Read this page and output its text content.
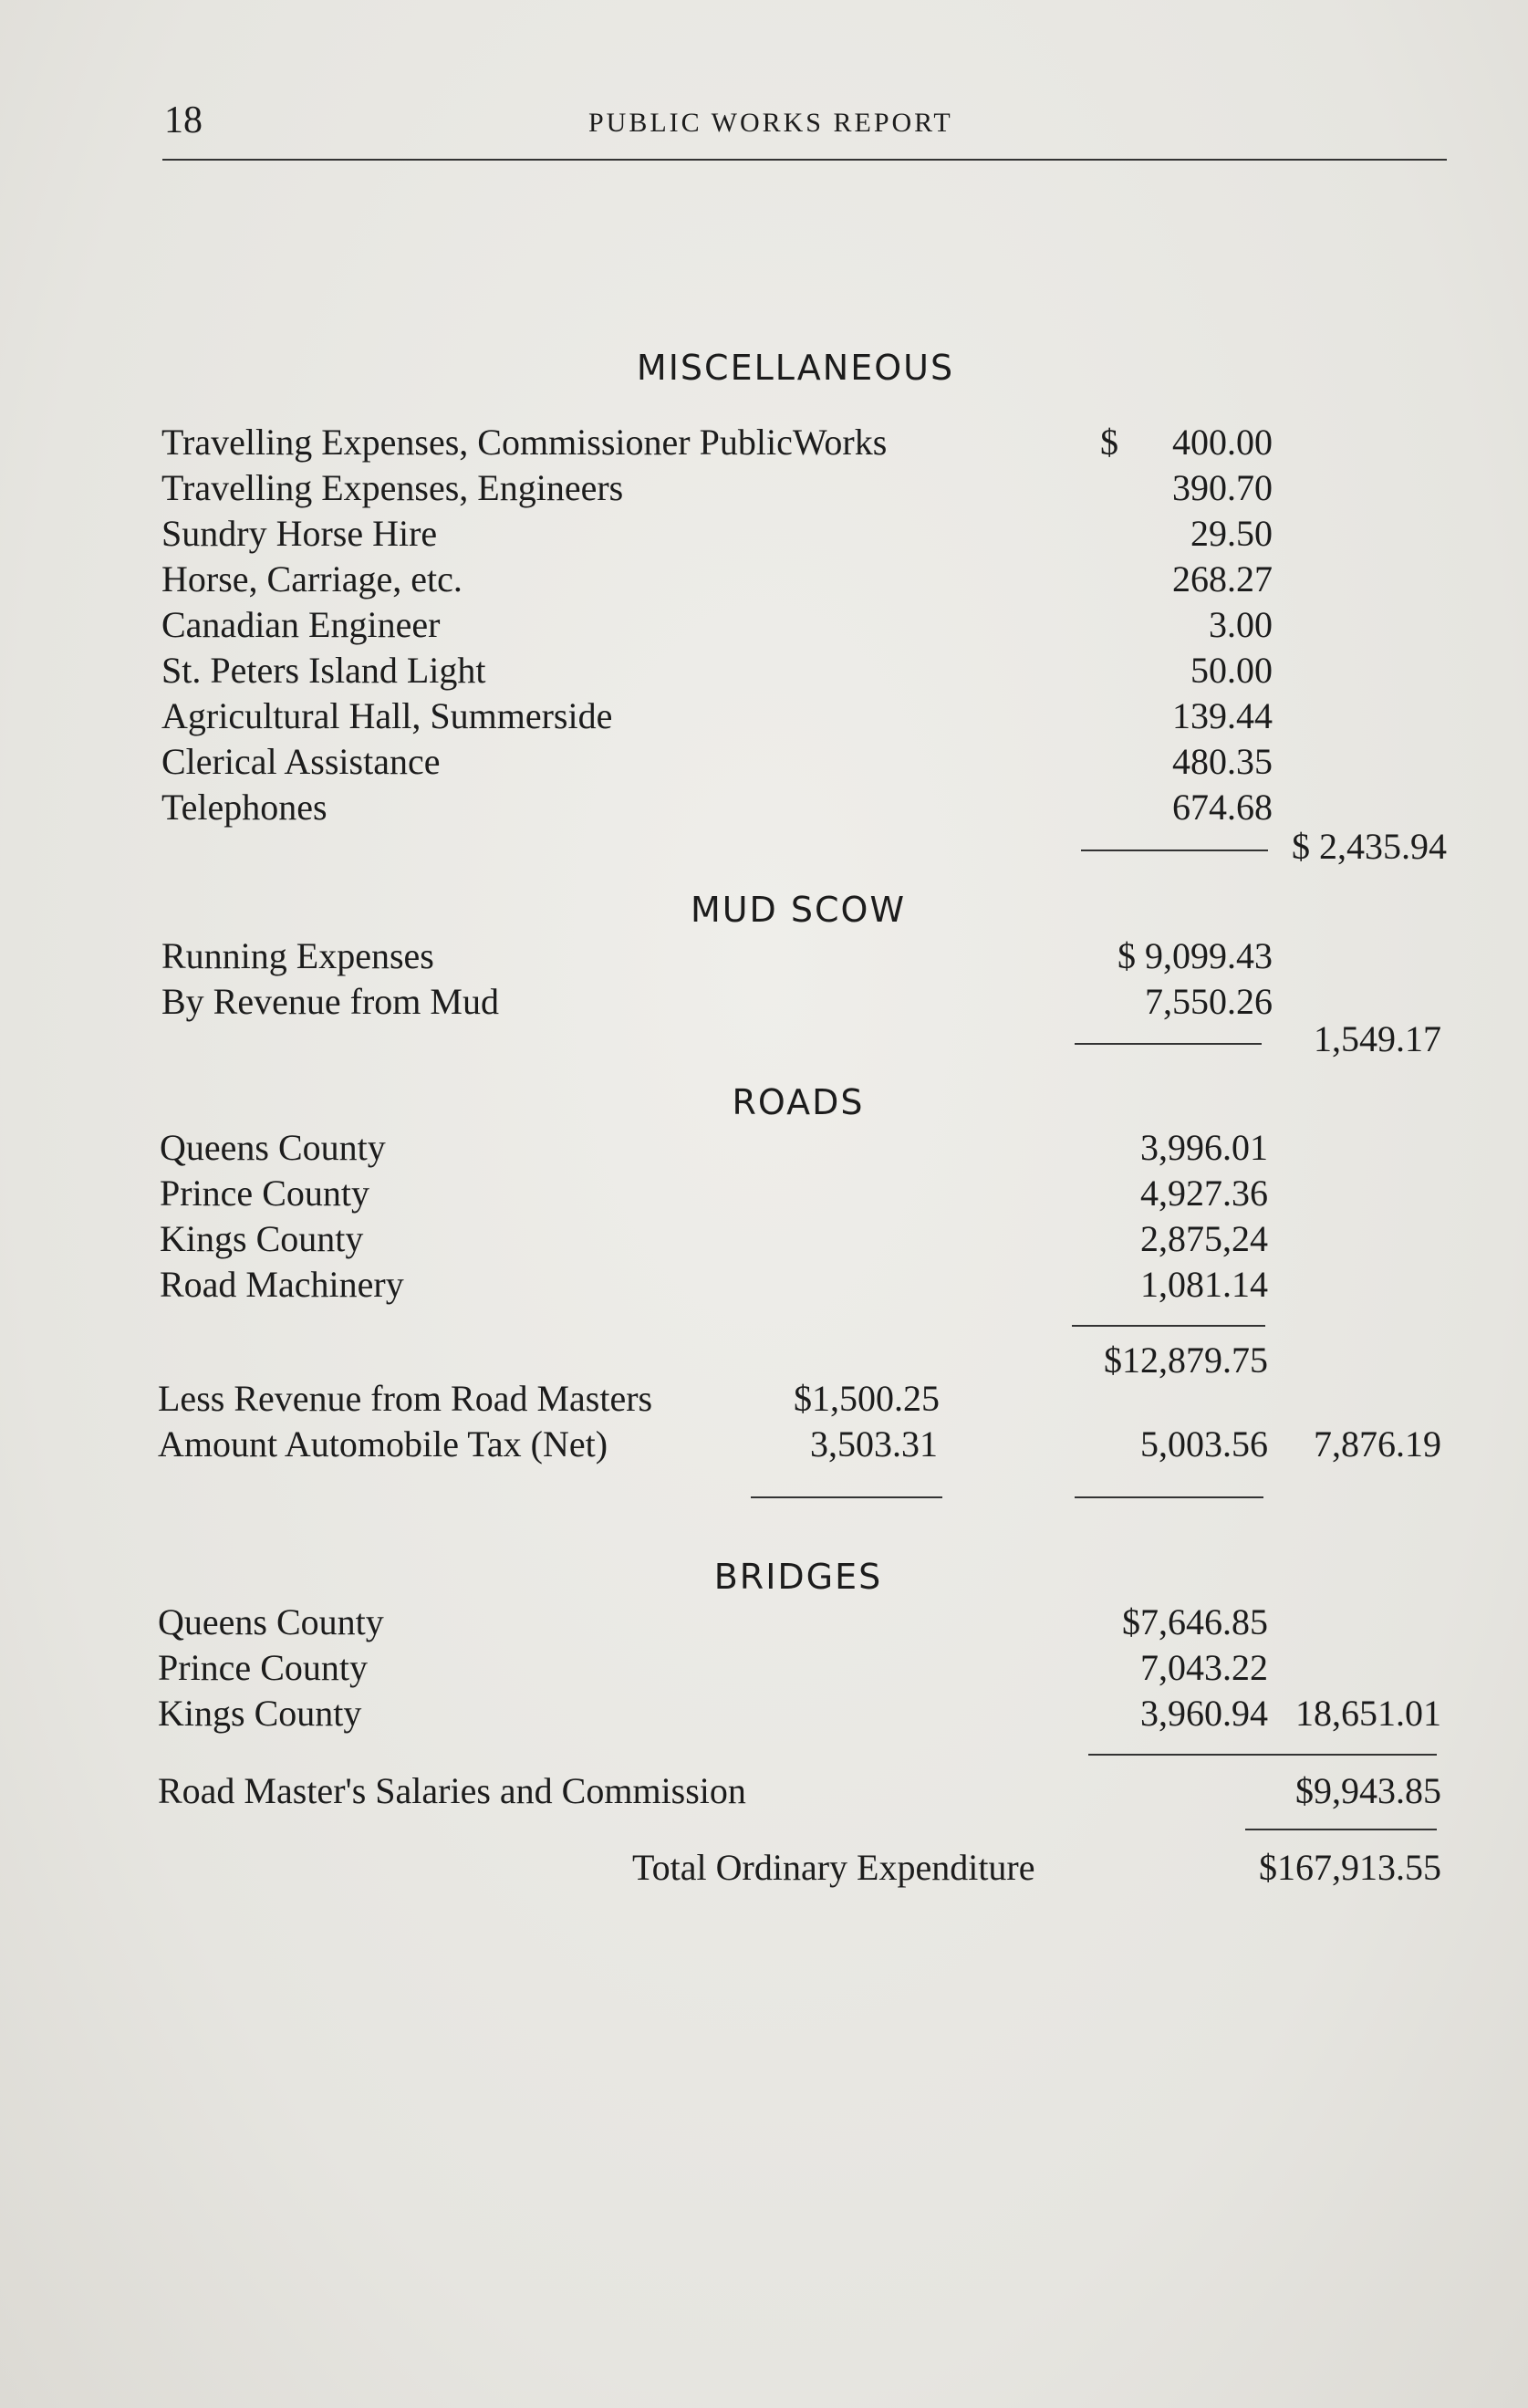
18	PUBLIC WORKS REPORT
MISCELLANEOUS
Travelling Expenses, Commissioner PublicWorks	$	400.00
Travelling Expenses, Engineers	390.70
Sundry Horse Hire	29.50
Horse, Carriage, etc.	268.27
Canadian Engineer	3.00
St. Peters Island Light	50.00
Agricultural Hall, Summerside	139.44
Clerical Assistance	480.35
Telephones	674.68
$ 2,435.94
MUD SCOW
Running Expenses	$ 9,099.43
By Revenue from Mud	7,550.26
1,549.17
ROADS
Queens County	3,996.01
Prince County	4,927.36
Kings County	2,875,24
Road Machinery	1,081.14
$12,879.75
Less Revenue from Road Masters	$1,500.25
Amount Automobile Tax (Net)	3,503.31	5,003.56	7,876.19
BRIDGES
Queens County	$7,646.85
Prince County	7,043.22
Kings County	3,960.94 18,651.01
Road Master's Salaries and Commission	$9,943.85
Total Ordinary Expenditure	$167,913.55
